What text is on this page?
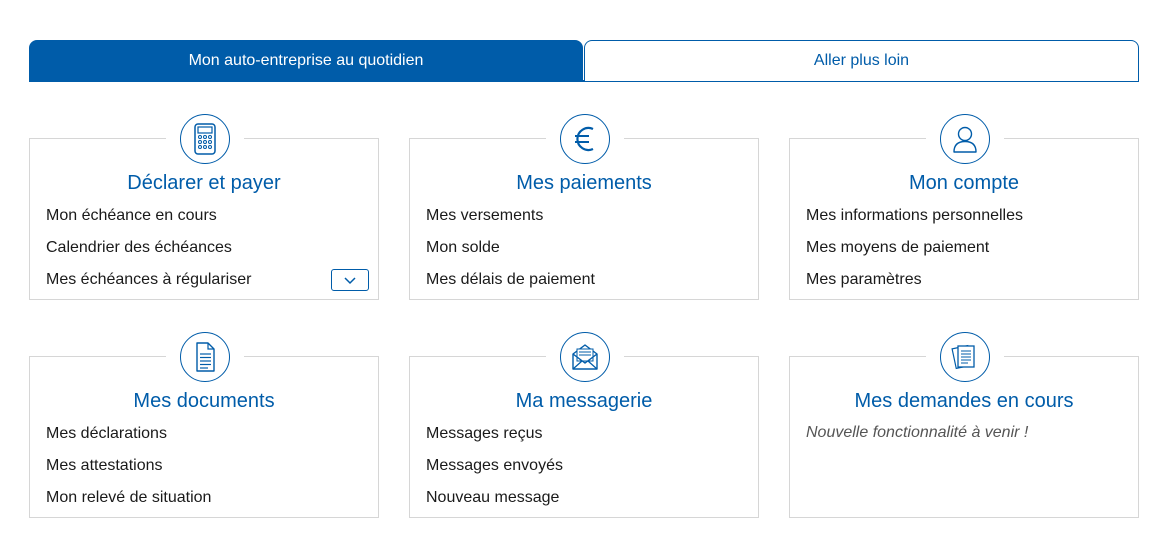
Mon auto-entreprise au quotidien	Aller plus loin
Déclarer et payer
Mon échéance en cours
Calendrier des échéances
Mes échéances à régulariser
Mes paiements
Mes versements
Mon solde
Mes délais de paiement
Mon compte
Mes informations personnelles
Mes moyens de paiement
Mes paramètres
Mes documents
Mes déclarations
Mes attestations
Mon relevé de situation
Ma messagerie
Messages reçus
Messages envoyés
Nouveau message
Mes demandes en cours
Nouvelle fonctionnalité à venir !
